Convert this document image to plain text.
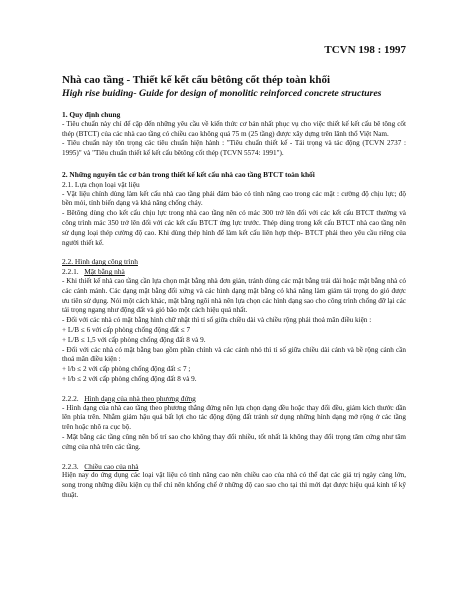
TCVN 198 : 1997
Nhà cao tầng - Thiết kế kết cấu bêtông cốt thép toàn khối
High rise buiding- Guide for design of monolitic reinforced concrete structures
1. Quy định chung

- Tiêu chuẩn này chỉ để cập đến những yêu cầu về kiến thức cơ bản nhất phục vụ cho việc thiết kế kết cấu bê tông cốt thép (BTCT) của các nhà cao tầng có chiều cao không quá 75 m (25 tầng) được xây dựng trên lãnh thổ Việt Nam.

- Tiêu chuẩn này tôn trọng các tiêu chuẩn hiện hành : "Tiêu chuẩn thiết kế - Tải trọng và tác động (TCVN 2737 : 1995)" và "Tiêu chuẩn thiết kế kết cấu bêtông cốt thép (TCVN 5574: 1991").

2. Những nguyên tắc cơ bản trong thiết kế kết cấu nhà cao tầng BTCT toàn khối
2.1. Lựa chọn loại vật liệu

- Vật liệu chính dùng làm kết cấu nhà cao tầng phải đảm bảo có tính năng cao trong các mặt : cường độ chịu lực; độ bền mỏi, tính biến dạng và khả năng chống cháy.

- Bêtông dùng cho kết cấu chịu lực trong nhà cao tầng nên có mác 300 trở lên đối với các kết cấu BTCT thường và công trình mác 350 trở lên đối với các kết cấu BTCT ứng lực trước. Thép dùng trong kết cấu BTCT nhà cao tầng nên sử dụng loại thép cường độ cao. Khi dùng thép hình để làm kết cấu liên hợp thép- BTCT phải theo yêu cầu riêng của người thiết kế.

2.2. Hình dạng công trình
2.2.1. Mặt bằng nhà

- Khi thiết kế nhà cao tầng cần lựa chọn mặt bằng nhà đơn giản, tránh dùng các mặt bằng trải dài hoặc mặt bằng nhà có các cánh mảnh. Các dạng mặt bằng đối xứng và các hình dạng mặt bằng có khả năng làm giảm tải trọng do gió được ưu tiên sử dụng. Nói một cách khác, mặt bằng ngôi nhà nên lựa chọn các hình dạng sao cho công trình chống đỡ lại các tải trọng ngang như động đất và gió bão một cách hiệu quả nhất.

- Đối với các nhà có mặt bằng hình chữ nhật thì tỉ số giữa chiều dài và chiều rộng phải thoả mãn điều kiện :

+ L/B ≤ 6 với cấp phòng chống động đất ≤ 7

+ L/B ≤ 1,5 với cấp phòng chống động đất 8 và 9.

- Đối với các nhà có mặt bằng bao gồm phần chính và các cánh nhỏ thì tỉ số giữa chiều dài cánh và bề rộng cánh cần thoả mãn điều kiện :

+ l/b ≤ 2 với cấp phòng chống động đất ≤ 7 ;

+ l/b ≤ 2 với cấp phòng chống động đất 8 và 9.

2.2.2. Hình dạng của nhà theo phương đứng

- Hình dạng của nhà cao tầng theo phương thẳng đứng nên lựa chọn dạng đều hoặc thay đổi đều, giảm kích thước dần lên phía trên. Nhằm giảm hậu quả bất lợi cho tác động động đất tránh sử dụng những hình dạng mở rộng ở các tầng trên hoặc nhô ra cục bộ.

- Mặt bằng các tầng cũng nên bố trí sao cho không thay đổi nhiều, tốt nhất là không thay đổi trọng tâm cứng như tâm cứng của nhà trên các tầng.

2.2.3. Chiều cao của nhà

Hiện nay do ứng dụng các loại vật liệu có tính năng cao nên chiều cao của nhà có thể đạt các giá trị ngày càng lớn, song trong những điều kiện cụ thể chỉ nên khống chế ở những độ cao sao cho tại thì mới đạt được hiệu quả kinh tế kỹ thuật.
